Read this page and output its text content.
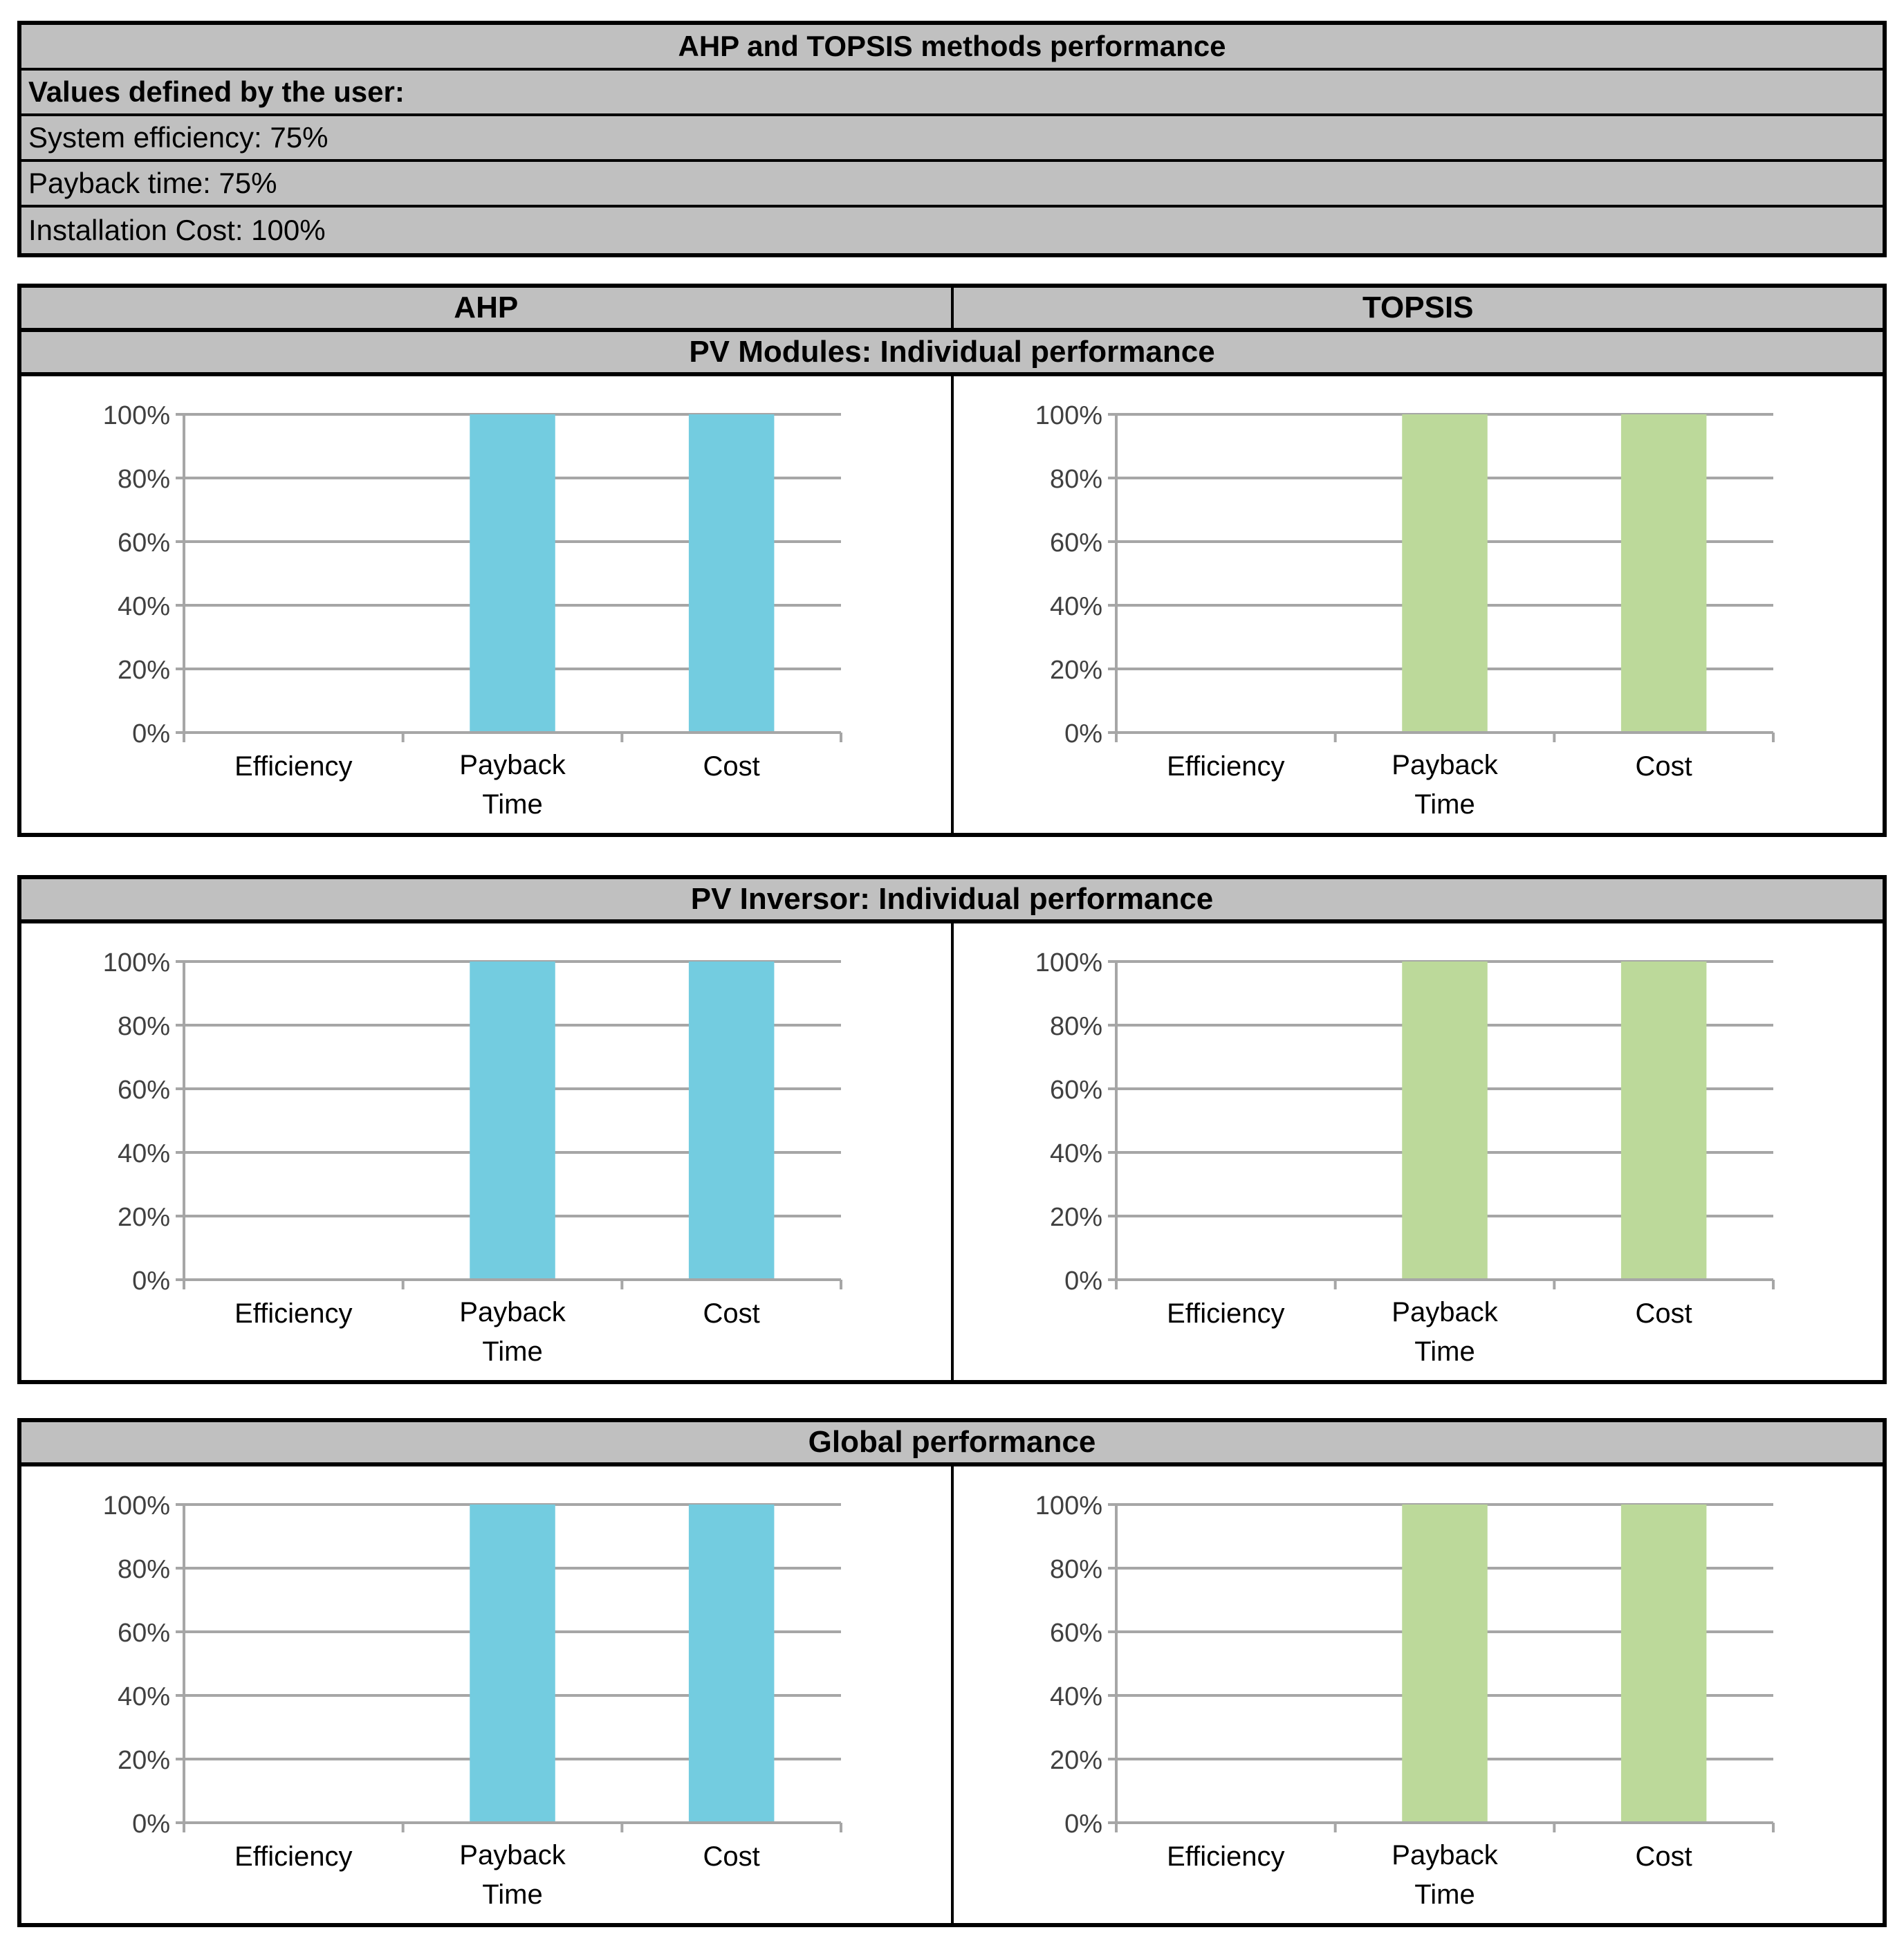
AHP and TOPSIS methods performance
Values defined by the user:
System efficiency: 75%
Payback time: 75%
Installation Cost: 100%
AHP	TOPSIS
PV Modules: Individual performance
0%
20%
40%
60%
80%
100%
Efficiency	Payback Time
Cost
0%
20%
40%
60%
80%
100%
Efficiency	Payback Time
Cost
PV Inversor: Individual performance
0%
20%
40%
60%
80%
100%
Efficiency	Payback Time
Cost
0%
20%
40%
60%
80%
100%
Efficiency	Payback Time
Cost
Global performance
0%
20%
40%
60%
80%
100%
Efficiency	Payback Time
Cost
0%
20%
40%
60%
80%
100%
Efficiency	Payback Time
Cost
